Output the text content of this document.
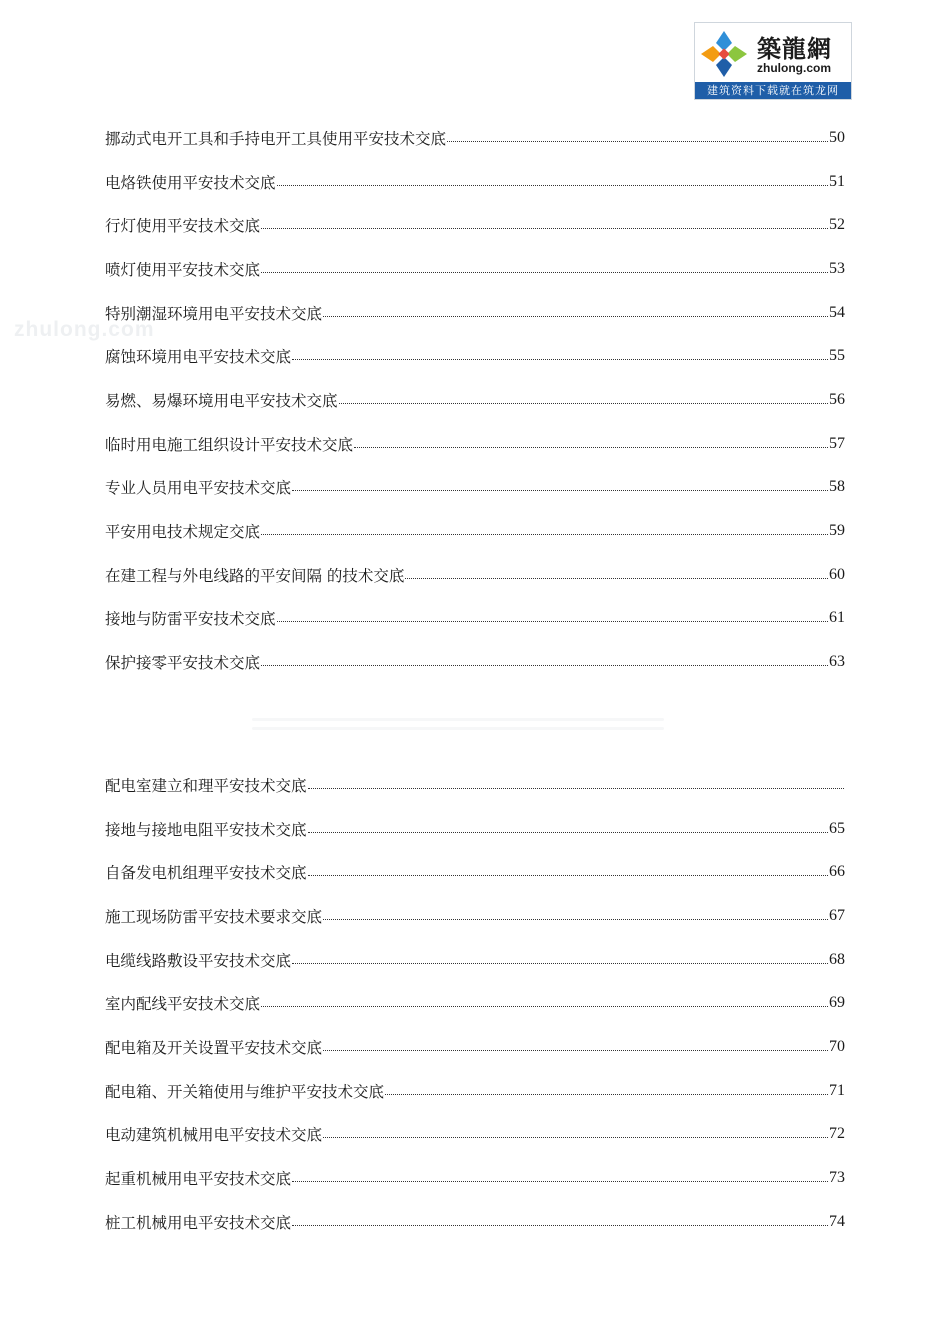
築龍網
zhulong.com
建筑资料下载就在筑龙网
zhulong.com
挪动式电开工具和手持电开工具使用平安技术交底	50
电烙铁使用平安技术交底	51
行灯使用平安技术交底	52
喷灯使用平安技术交底	53
特别潮湿环境用电平安技术交底	54
腐蚀环境用电平安技术交底	55
易燃、易爆环境用电平安技术交底	56
临时用电施工组织设计平安技术交底	57
专业人员用电平安技术交底	58
平安用电技术规定交底	59
在建工程与外电线路的平安间隔 的技术交底	60
接地与防雷平安技术交底	61
保护接零平安技术交底	63
配电室建立和理平安技术交底
接地与接地电阻平安技术交底	65
自备发电机组理平安技术交底	66
施工现场防雷平安技术要求交底	67
电缆线路敷设平安技术交底	68
室内配线平安技术交底	69
配电箱及开关设置平安技术交底	70
配电箱、开关箱使用与维护平安技术交底	71
电动建筑机械用电平安技术交底	72
起重机械用电平安技术交底	73
桩工机械用电平安技术交底	74
